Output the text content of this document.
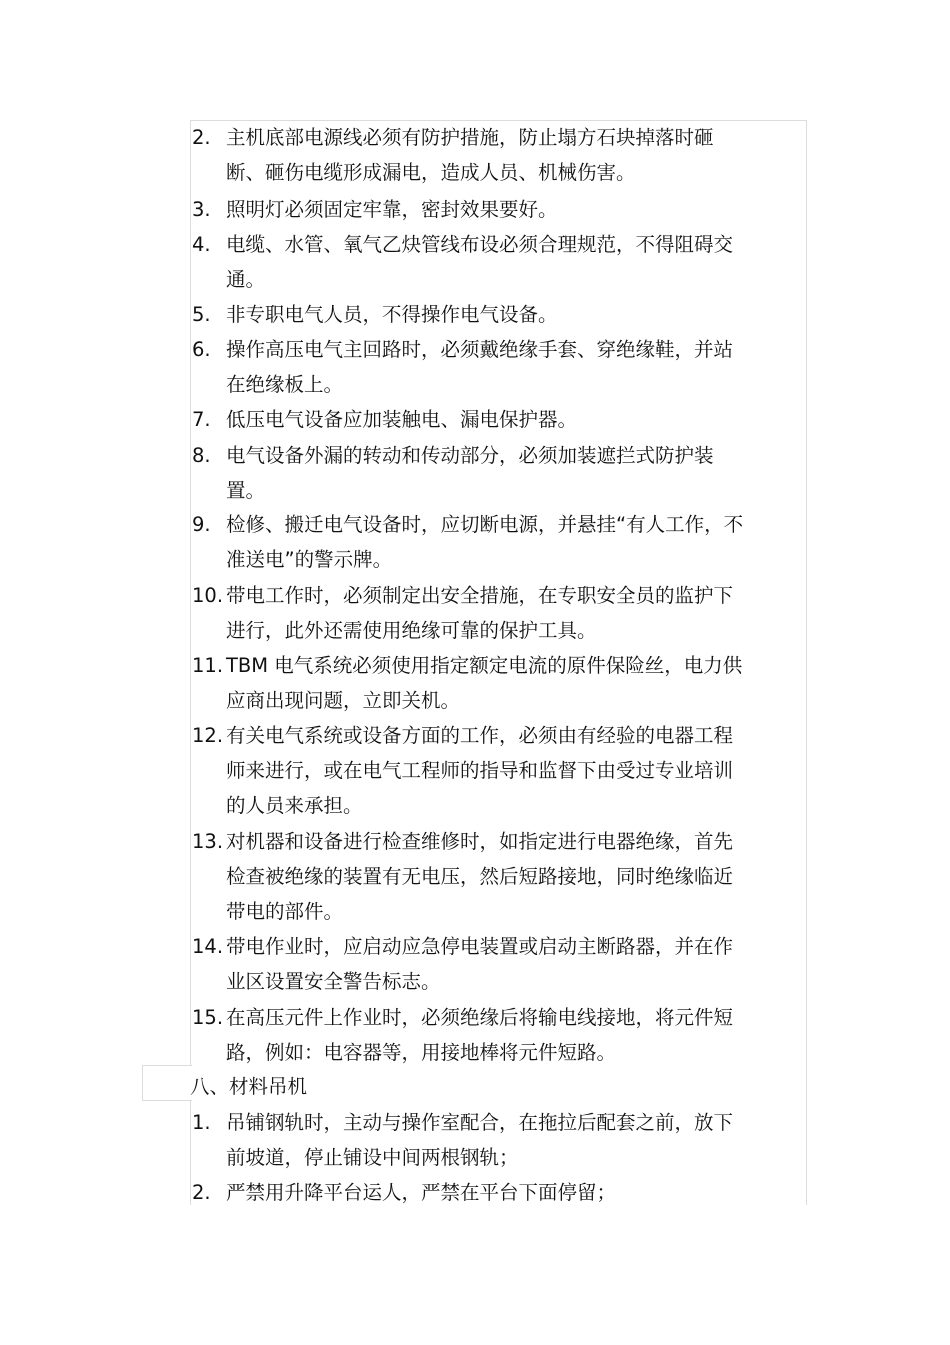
2. 主机底部电源线必须有防护措施，防止塌方石块掉落时砸
断、砸伤电缆形成漏电，造成人员、机械伤害。
3. 照明灯必须固定牢靠，密封效果要好。
4. 电缆、水管、氧气乙炔管线布设必须合理规范，不得阻碍交
通。
5. 非专职电气人员，不得操作电气设备。
6. 操作高压电气主回路时，必须戴绝缘手套、穿绝缘鞋，并站
在绝缘板上。
7. 低压电气设备应加装触电、漏电保护器。
8. 电气设备外漏的转动和传动部分，必须加装遮拦式防护装
置。
9. 检修、搬迁电气设备时，应切断电源，并悬挂“有人工作，不
准送电”的警示牌。
10. 带电工作时，必须制定出安全措施，在专职安全员的监护下
进行，此外还需使用绝缘可靠的保护工具。
11. TBM 电气系统必须使用指定额定电流的原件保险丝，电力供
应商出现问题，立即关机。
12. 有关电气系统或设备方面的工作，必须由有经验的电器工程
师来进行，或在电气工程师的指导和监督下由受过专业培训
的人员来承担。
13. 对机器和设备进行检查维修时，如指定进行电器绝缘，首先
检查被绝缘的装置有无电压，然后短路接地，同时绝缘临近
带电的部件。
14. 带电作业时，应启动应急停电装置或启动主断路器，并在作
业区设置安全警告标志。
15. 在高压元件上作业时，必须绝缘后将输电线接地，将元件短
路，例如：电容器等，用接地棒将元件短路。
八、材料吊机
1. 吊铺钢轨时，主动与操作室配合，在拖拉后配套之前，放下
前坡道，停止铺设中间两根钢轨；
2. 严禁用升降平台运人，严禁在平台下面停留；
